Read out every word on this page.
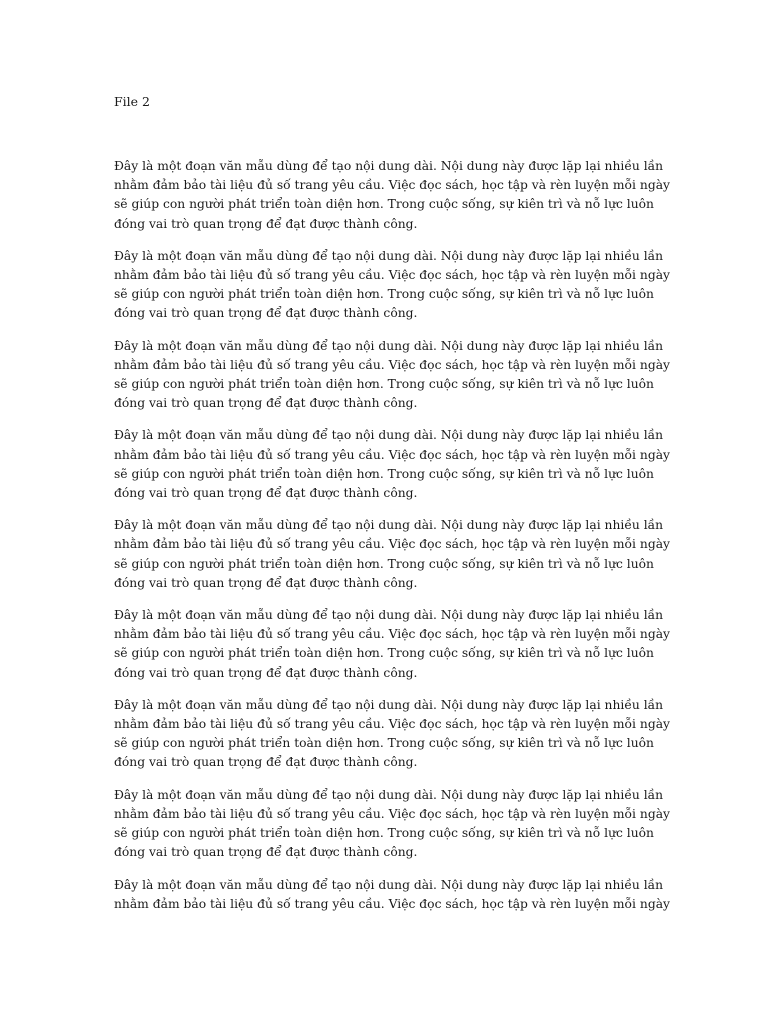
File 2

Đây là một đoạn văn mẫu dùng để tạo nội dung dài. Nội dung này được lặp lại nhiều lần
nhằm đảm bảo tài liệu đủ số trang yêu cầu. Việc đọc sách, học tập và rèn luyện mỗi ngày
sẽ giúp con người phát triển toàn diện hơn. Trong cuộc sống, sự kiên trì và nỗ lực luôn
đóng vai trò quan trọng để đạt được thành công.

Đây là một đoạn văn mẫu dùng để tạo nội dung dài. Nội dung này được lặp lại nhiều lần
nhằm đảm bảo tài liệu đủ số trang yêu cầu. Việc đọc sách, học tập và rèn luyện mỗi ngày
sẽ giúp con người phát triển toàn diện hơn. Trong cuộc sống, sự kiên trì và nỗ lực luôn
đóng vai trò quan trọng để đạt được thành công.

Đây là một đoạn văn mẫu dùng để tạo nội dung dài. Nội dung này được lặp lại nhiều lần
nhằm đảm bảo tài liệu đủ số trang yêu cầu. Việc đọc sách, học tập và rèn luyện mỗi ngày
sẽ giúp con người phát triển toàn diện hơn. Trong cuộc sống, sự kiên trì và nỗ lực luôn
đóng vai trò quan trọng để đạt được thành công.

Đây là một đoạn văn mẫu dùng để tạo nội dung dài. Nội dung này được lặp lại nhiều lần
nhằm đảm bảo tài liệu đủ số trang yêu cầu. Việc đọc sách, học tập và rèn luyện mỗi ngày
sẽ giúp con người phát triển toàn diện hơn. Trong cuộc sống, sự kiên trì và nỗ lực luôn
đóng vai trò quan trọng để đạt được thành công.

Đây là một đoạn văn mẫu dùng để tạo nội dung dài. Nội dung này được lặp lại nhiều lần
nhằm đảm bảo tài liệu đủ số trang yêu cầu. Việc đọc sách, học tập và rèn luyện mỗi ngày
sẽ giúp con người phát triển toàn diện hơn. Trong cuộc sống, sự kiên trì và nỗ lực luôn
đóng vai trò quan trọng để đạt được thành công.

Đây là một đoạn văn mẫu dùng để tạo nội dung dài. Nội dung này được lặp lại nhiều lần
nhằm đảm bảo tài liệu đủ số trang yêu cầu. Việc đọc sách, học tập và rèn luyện mỗi ngày
sẽ giúp con người phát triển toàn diện hơn. Trong cuộc sống, sự kiên trì và nỗ lực luôn
đóng vai trò quan trọng để đạt được thành công.

Đây là một đoạn văn mẫu dùng để tạo nội dung dài. Nội dung này được lặp lại nhiều lần
nhằm đảm bảo tài liệu đủ số trang yêu cầu. Việc đọc sách, học tập và rèn luyện mỗi ngày
sẽ giúp con người phát triển toàn diện hơn. Trong cuộc sống, sự kiên trì và nỗ lực luôn
đóng vai trò quan trọng để đạt được thành công.

Đây là một đoạn văn mẫu dùng để tạo nội dung dài. Nội dung này được lặp lại nhiều lần
nhằm đảm bảo tài liệu đủ số trang yêu cầu. Việc đọc sách, học tập và rèn luyện mỗi ngày
sẽ giúp con người phát triển toàn diện hơn. Trong cuộc sống, sự kiên trì và nỗ lực luôn
đóng vai trò quan trọng để đạt được thành công.

Đây là một đoạn văn mẫu dùng để tạo nội dung dài. Nội dung này được lặp lại nhiều lần
nhằm đảm bảo tài liệu đủ số trang yêu cầu. Việc đọc sách, học tập và rèn luyện mỗi ngày
